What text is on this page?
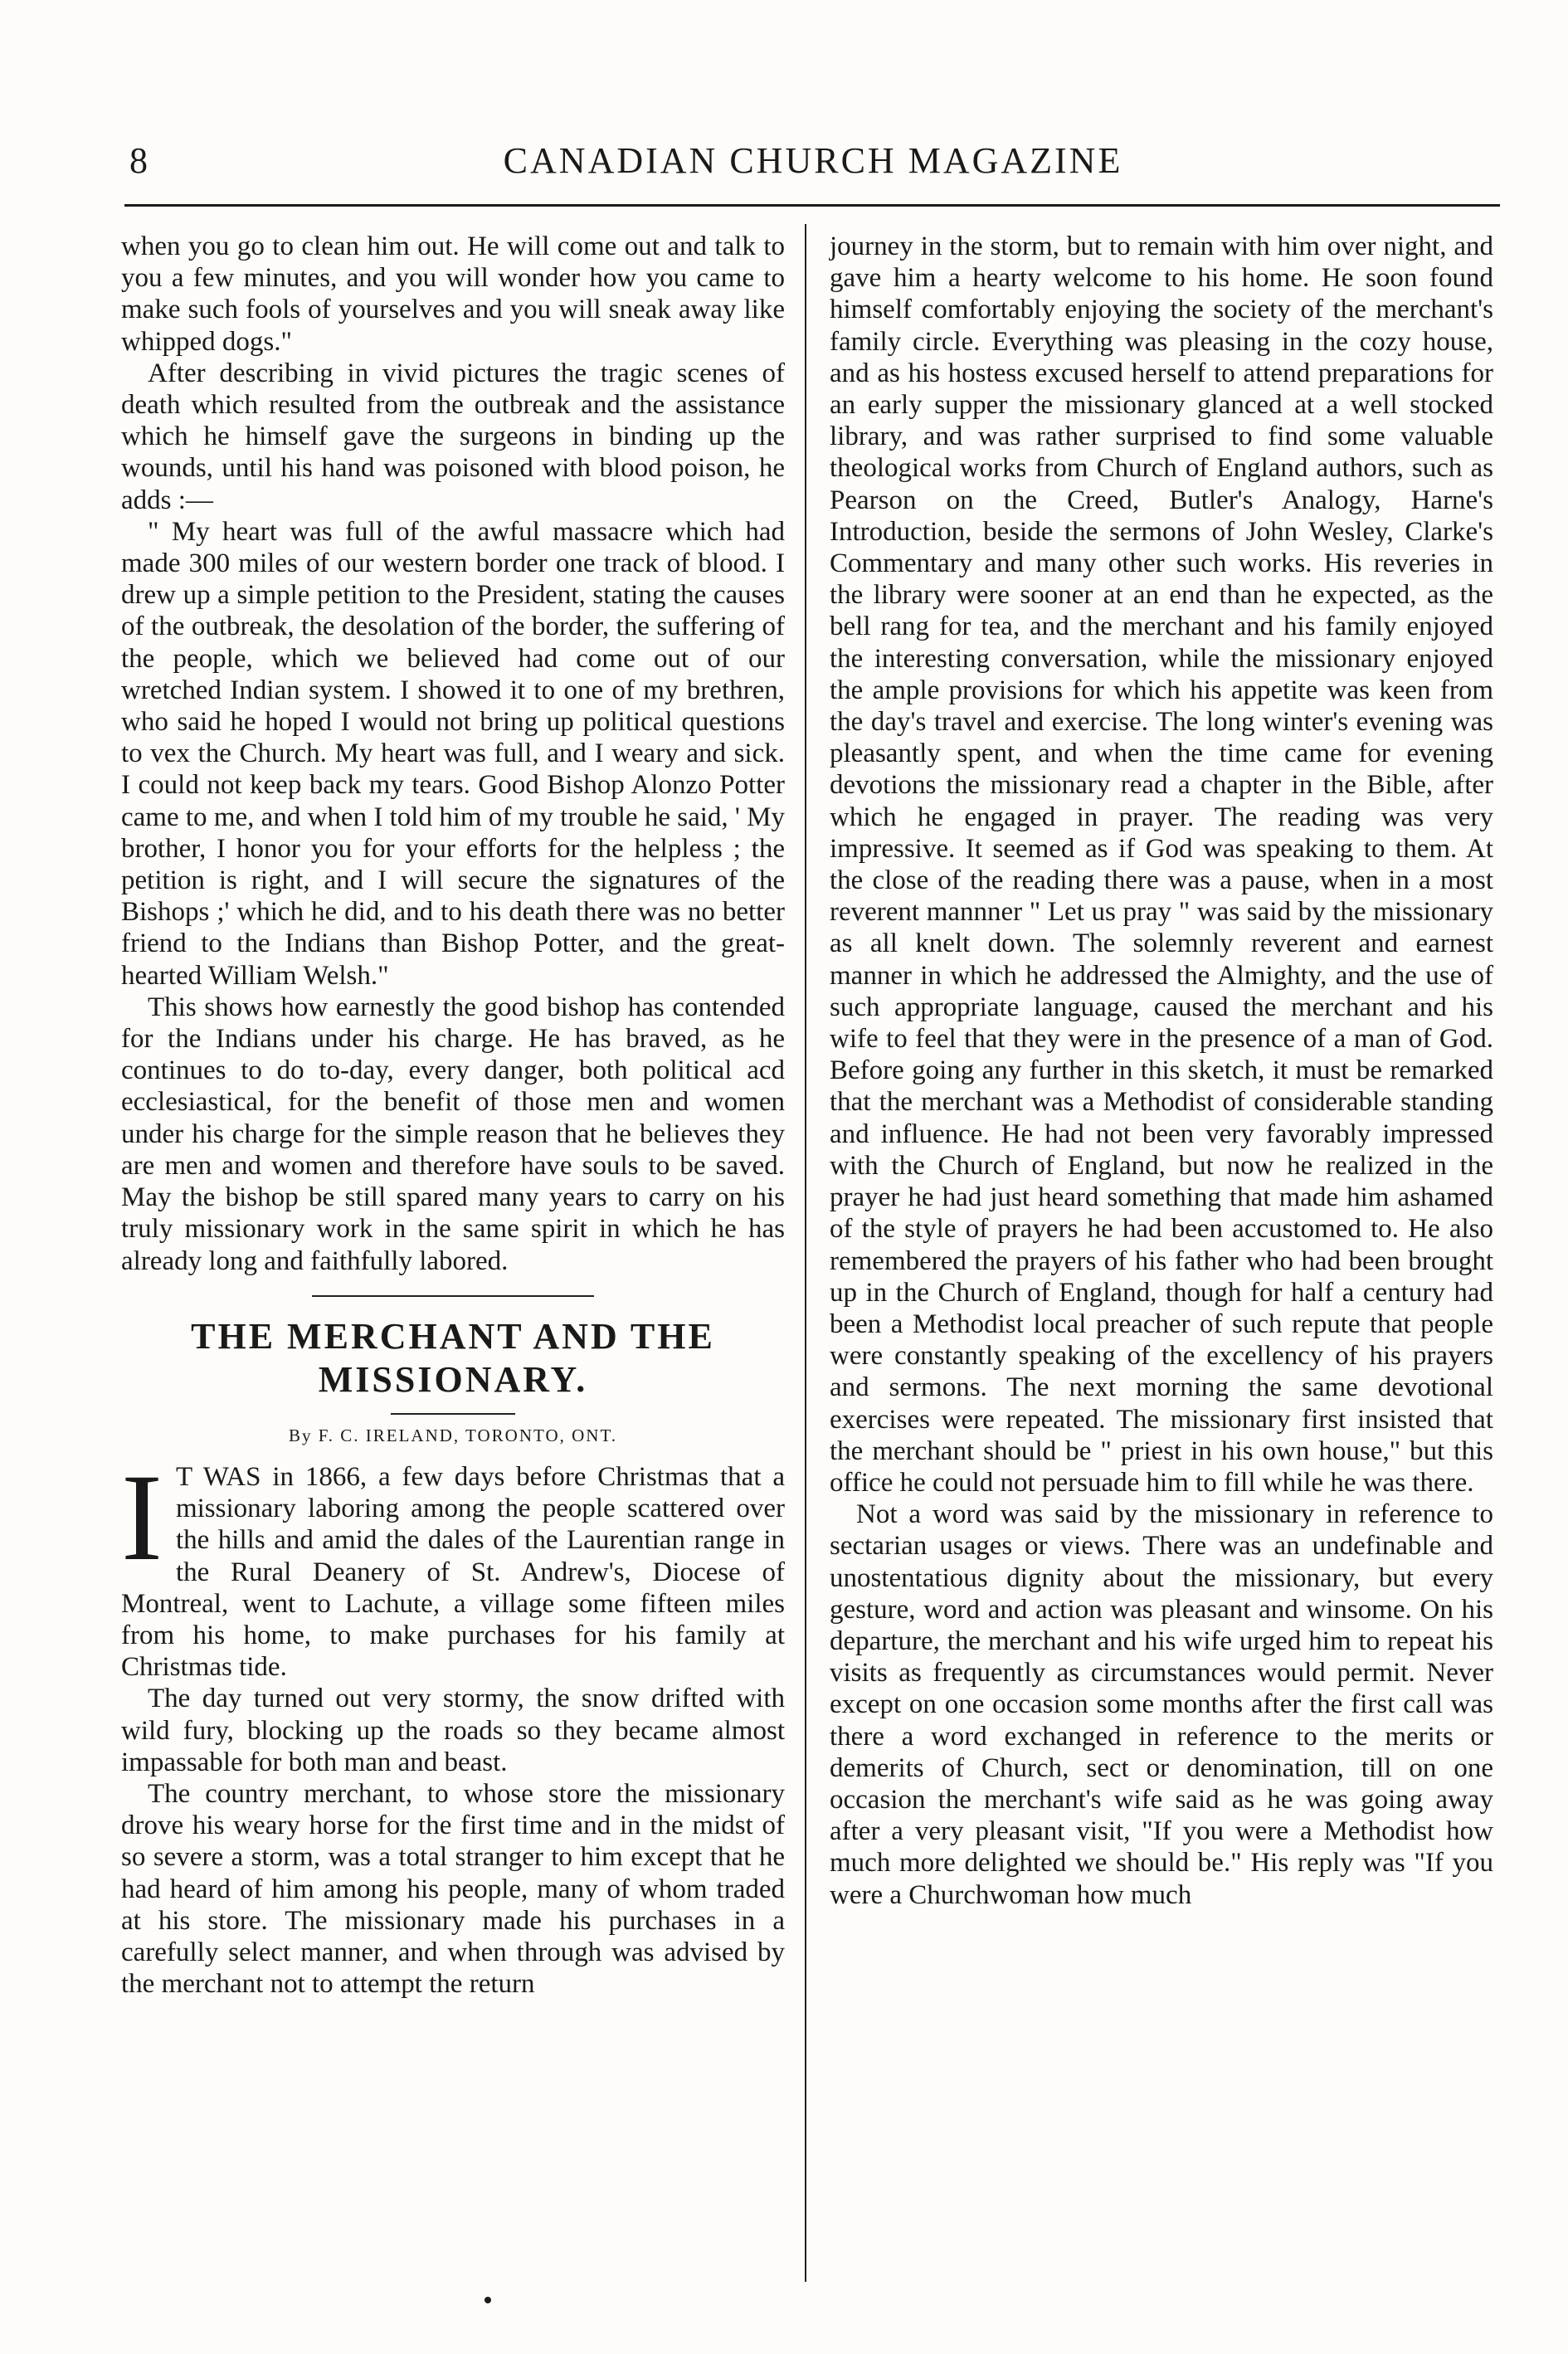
8	CANADIAN CHURCH MAGAZINE

when you go to clean him out. He will come out and talk to you a few minutes, and you will wonder how you came to make such fools of yourselves and you will sneak away like whipped dogs."

After describing in vivid pictures the tragic scenes of death which resulted from the outbreak and the assistance which he himself gave the surgeons in binding up the wounds, until his hand was poisoned with blood poison, he adds :—

" My heart was full of the awful massacre which had made 300 miles of our western border one track of blood. I drew up a simple petition to the President, stating the causes of the outbreak, the desolation of the border, the suffering of the people, which we believed had come out of our wretched Indian system. I showed it to one of my brethren, who said he hoped I would not bring up political questions to vex the Church. My heart was full, and I weary and sick. I could not keep back my tears. Good Bishop Alonzo Potter came to me, and when I told him of my trouble he said, ' My brother, I honor you for your efforts for the helpless ; the petition is right, and I will secure the signatures of the Bishops ;' which he did, and to his death there was no better friend to the Indians than Bishop Potter, and the great-hearted William Welsh."

This shows how earnestly the good bishop has contended for the Indians under his charge. He has braved, as he continues to do to-day, every danger, both political acd ecclesiastical, for the benefit of those men and women under his charge for the simple reason that he believes they are men and women and therefore have souls to be saved. May the bishop be still spared many years to carry on his truly missionary work in the same spirit in which he has already long and faithfully labored.

THE MERCHANT AND THE MISSIONARY.
By F. C. IRELAND, TORONTO, ONT.

I T WAS in 1866, a few days before Christmas that a missionary laboring among the people scattered over the hills and amid the dales of the Laurentian range in the Rural Deanery of St. Andrew's, Diocese of Montreal, went to Lachute, a village some fifteen miles from his home, to make purchases for his family at Christmas tide.

The day turned out very stormy, the snow drifted with wild fury, blocking up the roads so they became almost impassable for both man and beast.

The country merchant, to whose store the missionary drove his weary horse for the first time and in the midst of so severe a storm, was a total stranger to him except that he had heard of him among his people, many of whom traded at his store. The missionary made his purchases in a carefully select manner, and when through was advised by the merchant not to attempt the return

journey in the storm, but to remain with him over night, and gave him a hearty welcome to his home. He soon found himself comfortably enjoying the society of the merchant's family circle. Everything was pleasing in the cozy house, and as his hostess excused herself to attend preparations for an early supper the missionary glanced at a well stocked library, and was rather surprised to find some valuable theological works from Church of England authors, such as Pearson on the Creed, Butler's Analogy, Harne's Introduction, beside the sermons of John Wesley, Clarke's Commentary and many other such works. His reveries in the library were sooner at an end than he expected, as the bell rang for tea, and the merchant and his family enjoyed the interesting conversation, while the missionary enjoyed the ample provisions for which his appetite was keen from the day's travel and exercise. The long winter's evening was pleasantly spent, and when the time came for evening devotions the missionary read a chapter in the Bible, after which he engaged in prayer. The reading was very impressive. It seemed as if God was speaking to them. At the close of the reading there was a pause, when in a most reverent mannner " Let us pray " was said by the missionary as all knelt down. The solemnly reverent and earnest manner in which he addressed the Almighty, and the use of such appropriate language, caused the merchant and his wife to feel that they were in the presence of a man of God. Before going any further in this sketch, it must be remarked that the merchant was a Methodist of considerable standing and influence. He had not been very favorably impressed with the Church of England, but now he realized in the prayer he had just heard something that made him ashamed of the style of prayers he had been accustomed to. He also remembered the prayers of his father who had been brought up in the Church of England, though for half a century had been a Methodist local preacher of such repute that people were constantly speaking of the excellency of his prayers and sermons. The next morning the same devotional exercises were repeated. The missionary first insisted that the merchant should be " priest in his own house," but this office he could not persuade him to fill while he was there.

Not a word was said by the missionary in reference to sectarian usages or views. There was an undefinable and unostentatious dignity about the missionary, but every gesture, word and action was pleasant and winsome. On his departure, the merchant and his wife urged him to repeat his visits as frequently as circumstances would permit. Never except on one occasion some months after the first call was there a word exchanged in reference to the merits or demerits of Church, sect or denomination, till on one occasion the merchant's wife said as he was going away after a very pleasant visit, "If you were a Methodist how much more delighted we should be." His reply was "If you were a Churchwoman how much
